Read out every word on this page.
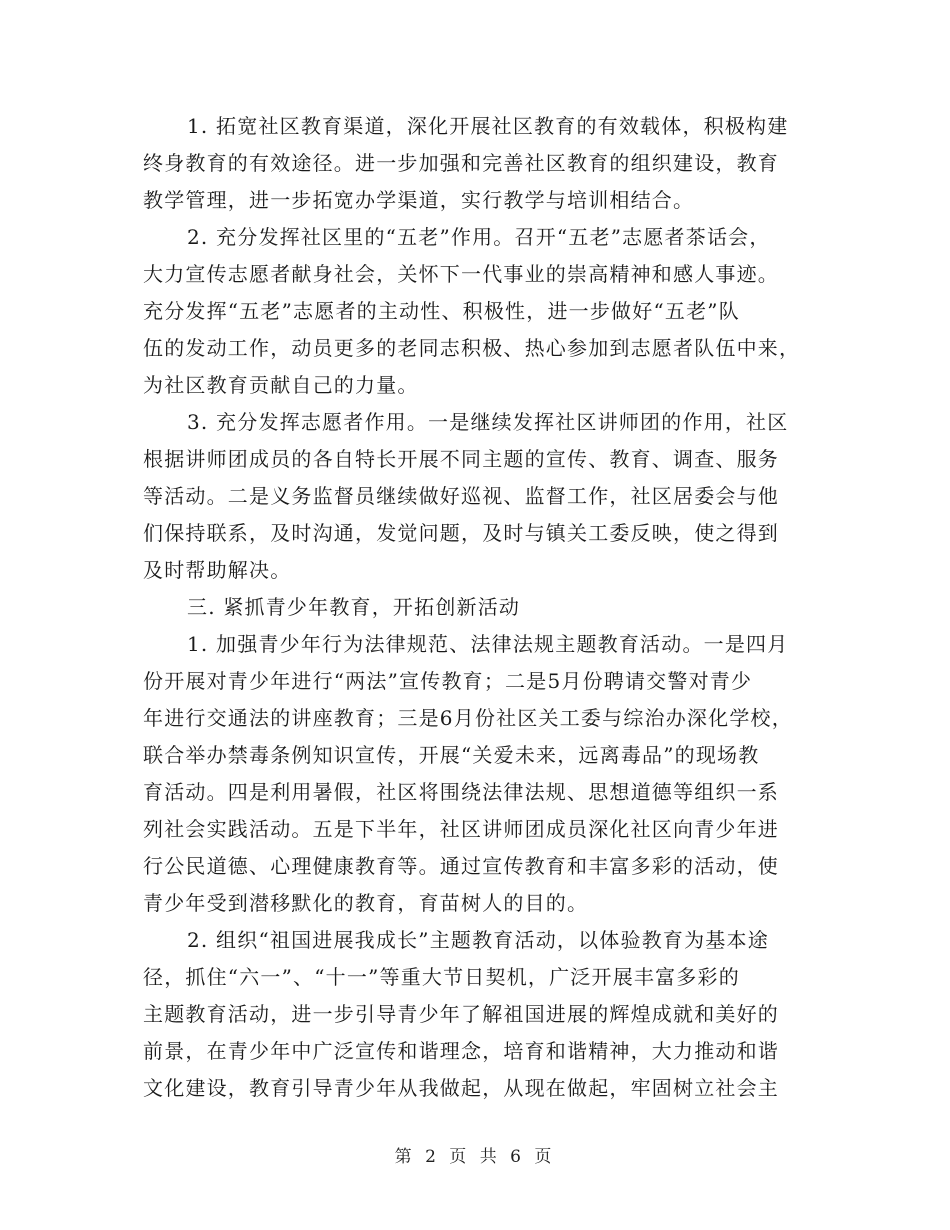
1. 拓宽社区教育渠道，深化开展社区教育的有效载体，积极构建
终身教育的有效途径。进一步加强和完善社区教育的组织建设，教育
教学管理，进一步拓宽办学渠道，实行教学与培训相结合。
2. 充分发挥社区里的“五老”作用。召开“五老”志愿者茶话会，
大力宣传志愿者献身社会，关怀下一代事业的崇高精神和感人事迹。
充分发挥“五老”志愿者的主动性、积极性，进一步做好“五老”队
伍的发动工作，动员更多的老同志积极、热心参加到志愿者队伍中来，
为社区教育贡献自己的力量。
3. 充分发挥志愿者作用。一是继续发挥社区讲师团的作用，社区
根据讲师团成员的各自特长开展不同主题的宣传、教育、调查、服务
等活动。二是义务监督员继续做好巡视、监督工作，社区居委会与他
们保持联系，及时沟通，发觉问题，及时与镇关工委反映，使之得到
及时帮助解决。
三. 紧抓青少年教育，开拓创新活动
1. 加强青少年行为法律规范、法律法规主题教育活动。一是四月
份开展对青少年进行“两法”宣传教育；二是5月份聘请交警对青少
年进行交通法的讲座教育；三是6月份社区关工委与综治办深化学校，
联合举办禁毒条例知识宣传，开展“关爱未来，远离毒品”的现场教
育活动。四是利用暑假，社区将围绕法律法规、思想道德等组织一系
列社会实践活动。五是下半年，社区讲师团成员深化社区向青少年进
行公民道德、心理健康教育等。通过宣传教育和丰富多彩的活动，使
青少年受到潜移默化的教育，育苗树人的目的。
2. 组织“祖国进展我成长”主题教育活动，以体验教育为基本途
径，抓住“六一”、“十一”等重大节日契机，广泛开展丰富多彩的
主题教育活动，进一步引导青少年了解祖国进展的辉煌成就和美好的
前景，在青少年中广泛宣传和谐理念，培育和谐精神，大力推动和谐
文化建设，教育引导青少年从我做起，从现在做起，牢固树立社会主
第 2 页 共 6 页
